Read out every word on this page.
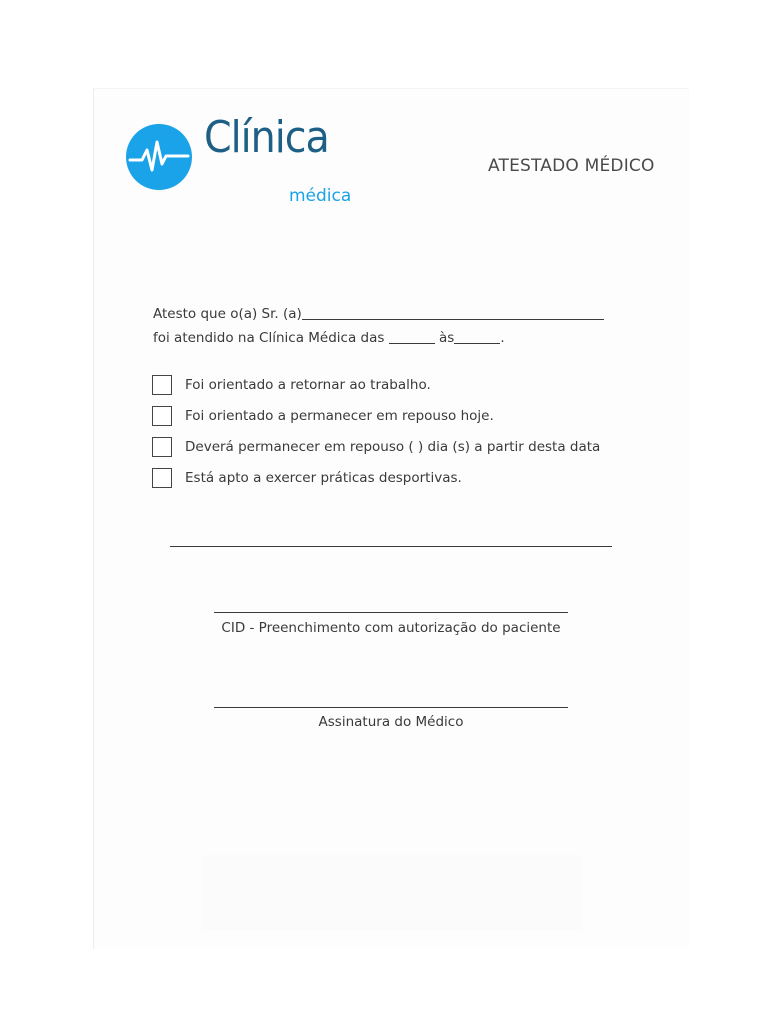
Clínica
médica
ATESTADO MÉDICO
Atesto que o(a) Sr. (a)
foi atendido na Clínica Médica das	às	.
Foi orientado a retornar ao trabalho.
Foi orientado a permanecer em repouso hoje.
Deverá permanecer em repouso ( ) dia (s) a partir desta data
Está apto a exercer práticas desportivas.
CID - Preenchimento com autorização do paciente
Assinatura do Médico
